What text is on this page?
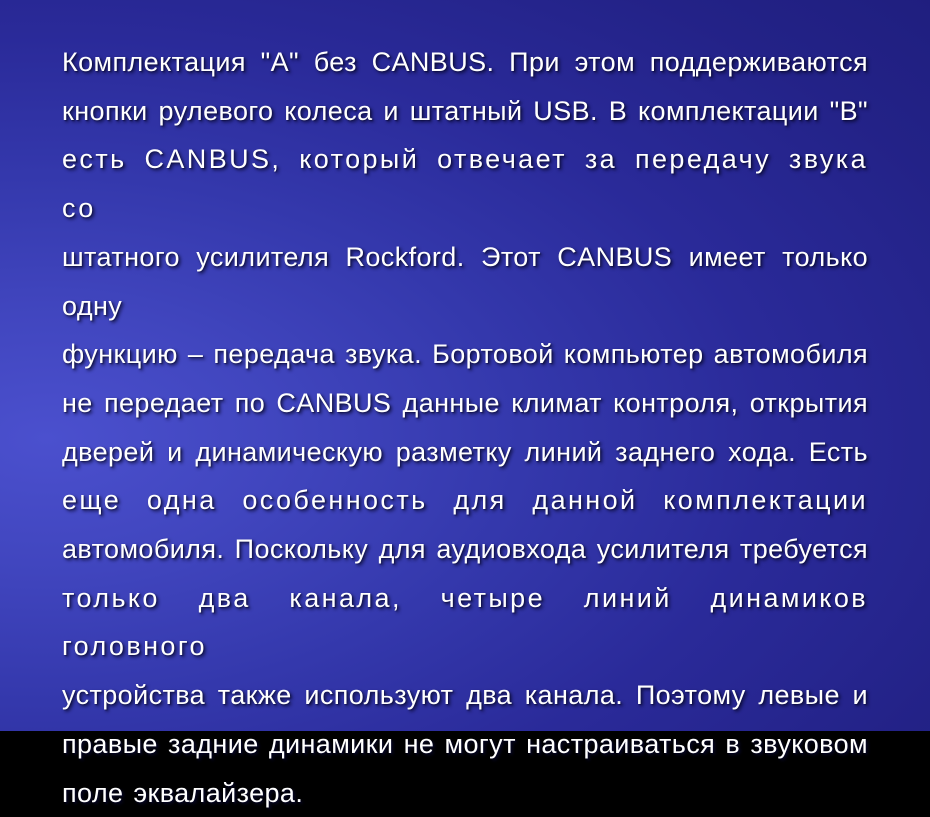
Комплектация "А" без CANBUS. При этом поддерживаются
кнопки рулевого колеса и штатный USB. В комплектации "В"
есть CANBUS, который отвечает за передачу звука со
штатного усилителя Rockford. Этот CANBUS имеет только одну
функцию – передача звука. Бортовой компьютер автомобиля
не передает по CANBUS данные климат контроля, открытия
дверей и динамическую разметку линий заднего хода. Есть
еще одна особенность для данной комплектации
автомобиля. Поскольку для аудиовхода усилителя требуется
только два канала, четыре линий динамиков головного
устройства также используют два канала. Поэтому левые и
правые задние динамики не могут настраиваться в звуковом
поле эквалайзера.
